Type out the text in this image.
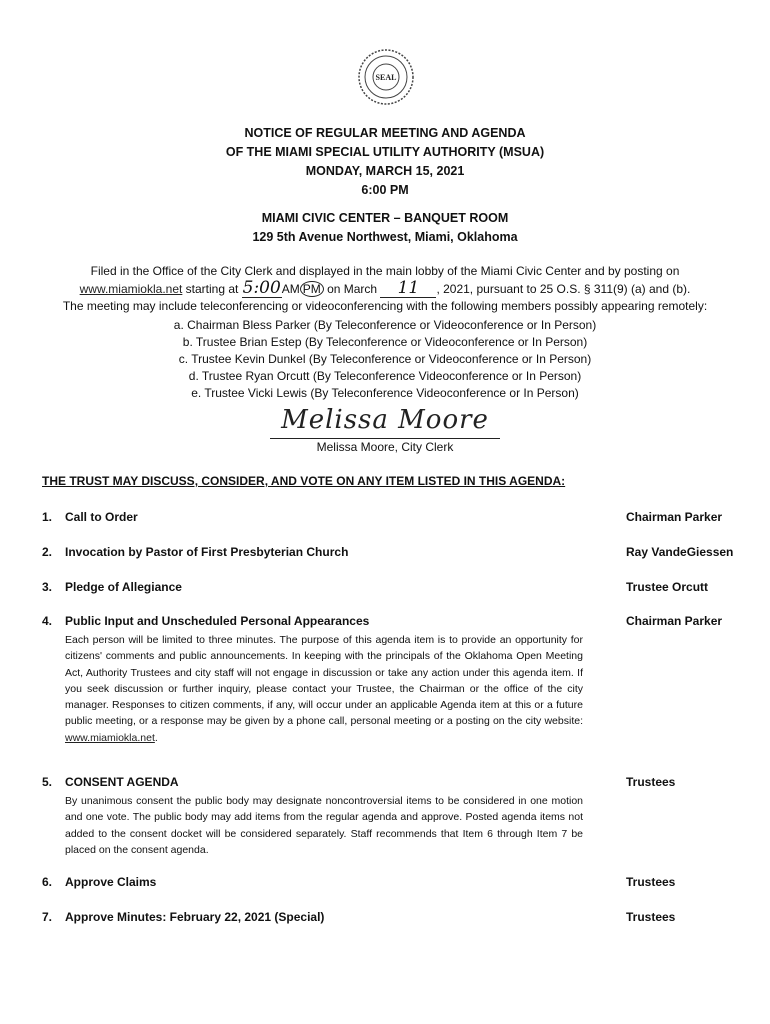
SEAL
NOTICE OF REGULAR MEETING AND AGENDA
OF THE MIAMI SPECIAL UTILITY AUTHORITY (MSUA)
MONDAY, MARCH 15, 2021
6:00 PM
MIAMI CIVIC CENTER – BANQUET ROOM
129 5th Avenue Northwest, Miami, Oklahoma
Filed in the Office of the City Clerk and displayed in the main lobby of the Miami Civic Center and by posting on
www.miamiokla.net starting at 5:00AM PM on March 11 , 2021, pursuant to 25 O.S. § 311(9) (a) and (b).
The meeting may include teleconferencing or videoconferencing with the following members possibly appearing remotely:
a. Chairman Bless Parker (By Teleconference or Videoconference or In Person)
b. Trustee Brian Estep (By Teleconference or Videoconference or In Person)
c. Trustee Kevin Dunkel (By Teleconference or Videoconference or In Person)
d. Trustee Ryan Orcutt (By Teleconference Videoconference or In Person)
e. Trustee Vicki Lewis (By Teleconference Videoconference or In Person)
Melissa Moore
Melissa Moore, City Clerk
THE TRUST MAY DISCUSS, CONSIDER, AND VOTE ON ANY ITEM LISTED IN THIS AGENDA:
1. Call to Order	Chairman Parker
2. Invocation by Pastor of First Presbyterian Church	Ray VandeGiessen
3. Pledge of Allegiance	Trustee Orcutt
4. Public Input and Unscheduled Personal Appearances	Chairman Parker
Each person will be limited to three minutes. The purpose of this agenda item is to provide an opportunity for citizens' comments and public announcements. In keeping with the principals of the Oklahoma Open Meeting Act, Authority Trustees and city staff will not engage in discussion or take any action under this agenda item. If you seek discussion or further inquiry, please contact your Trustee, the Chairman or the office of the city manager. Responses to citizen comments, if any, will occur under an applicable Agenda item at this or a future public meeting, or a response may be given by a phone call, personal meeting or a posting on the city website: www.miamiokla.net.
5. CONSENT AGENDA	Trustees
By unanimous consent the public body may designate noncontroversial items to be considered in one motion and one vote. The public body may add items from the regular agenda and approve. Posted agenda items not added to the consent docket will be considered separately. Staff recommends that Item 6 through Item 7 be placed on the consent agenda.
6. Approve Claims	Trustees
7. Approve Minutes: February 22, 2021 (Special)	Trustees
